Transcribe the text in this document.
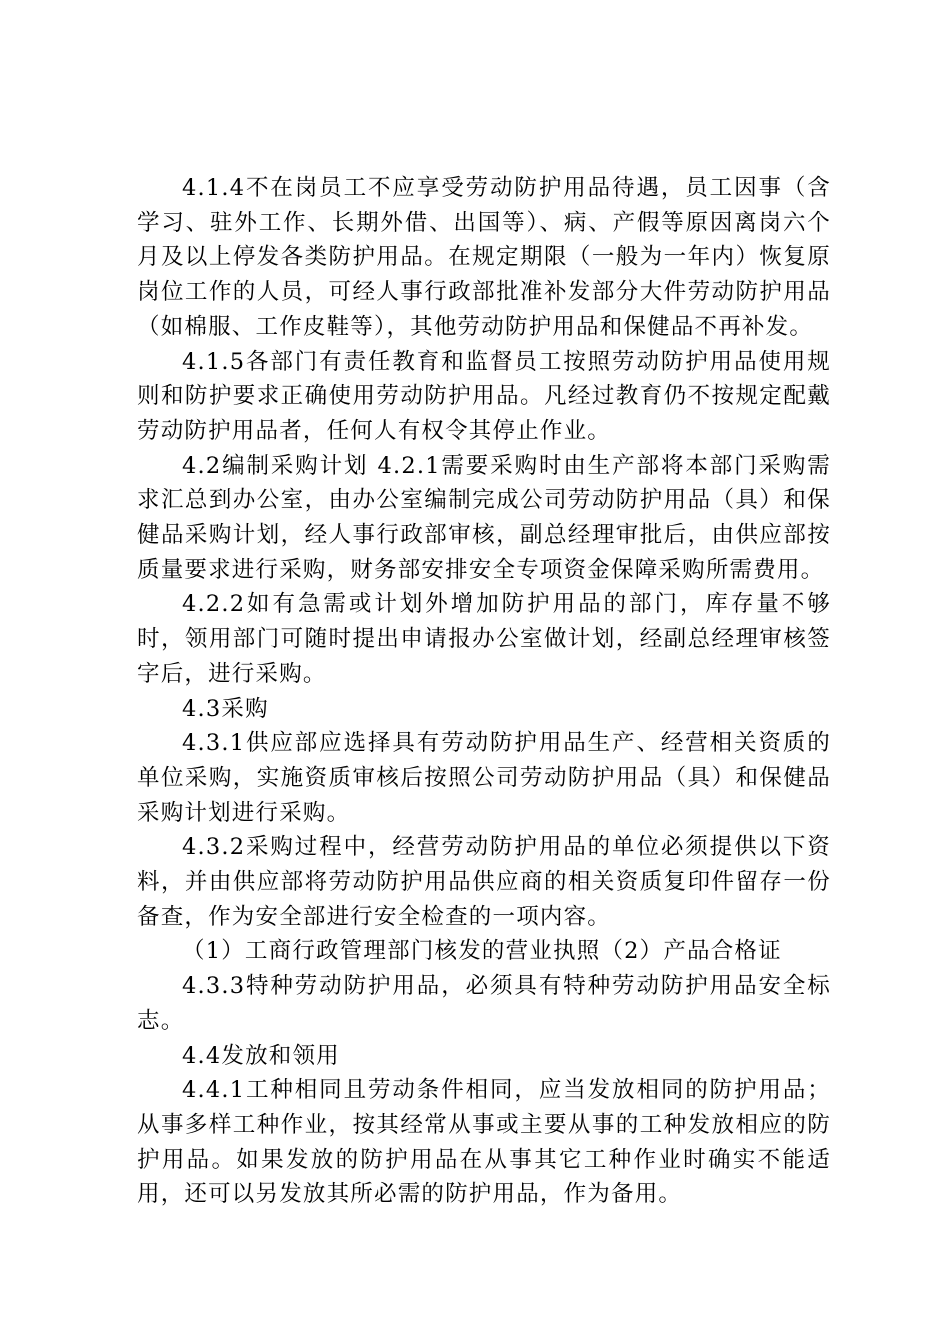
4.1.4不在岗员工不应享受劳动防护用品待遇，员工因事（含学习、驻外工作、长期外借、出国等）、病、产假等原因离岗六个月及以上停发各类防护用品。在规定期限（一般为一年内）恢复原岗位工作的人员，可经人事行政部批准补发部分大件劳动防护用品（如棉服、工作皮鞋等），其他劳动防护用品和保健品不再补发。

4.1.5各部门有责任教育和监督员工按照劳动防护用品使用规则和防护要求正确使用劳动防护用品。凡经过教育仍不按规定配戴劳动防护用品者，任何人有权令其停止作业。

4.2编制采购计划 4.2.1需要采购时由生产部将本部门采购需求汇总到办公室，由办公室编制完成公司劳动防护用品（具）和保健品采购计划，经人事行政部审核，副总经理审批后，由供应部按质量要求进行采购，财务部安排安全专项资金保障采购所需费用。

4.2.2如有急需或计划外增加防护用品的部门，库存量不够时，领用部门可随时提出申请报办公室做计划，经副总经理审核签字后，进行采购。

4.3采购

4.3.1供应部应选择具有劳动防护用品生产、经营相关资质的单位采购，实施资质审核后按照公司劳动防护用品（具）和保健品采购计划进行采购。

4.3.2采购过程中，经营劳动防护用品的单位必须提供以下资料，并由供应部将劳动防护用品供应商的相关资质复印件留存一份备查，作为安全部进行安全检查的一项内容。

（1）工商行政管理部门核发的营业执照（2）产品合格证

4.3.3特种劳动防护用品，必须具有特种劳动防护用品安全标志。

4.4发放和领用

4.4.1工种相同且劳动条件相同，应当发放相同的防护用品；从事多样工种作业，按其经常从事或主要从事的工种发放相应的防护用品。如果发放的防护用品在从事其它工种作业时确实不能适用，还可以另发放其所必需的防护用品，作为备用。
